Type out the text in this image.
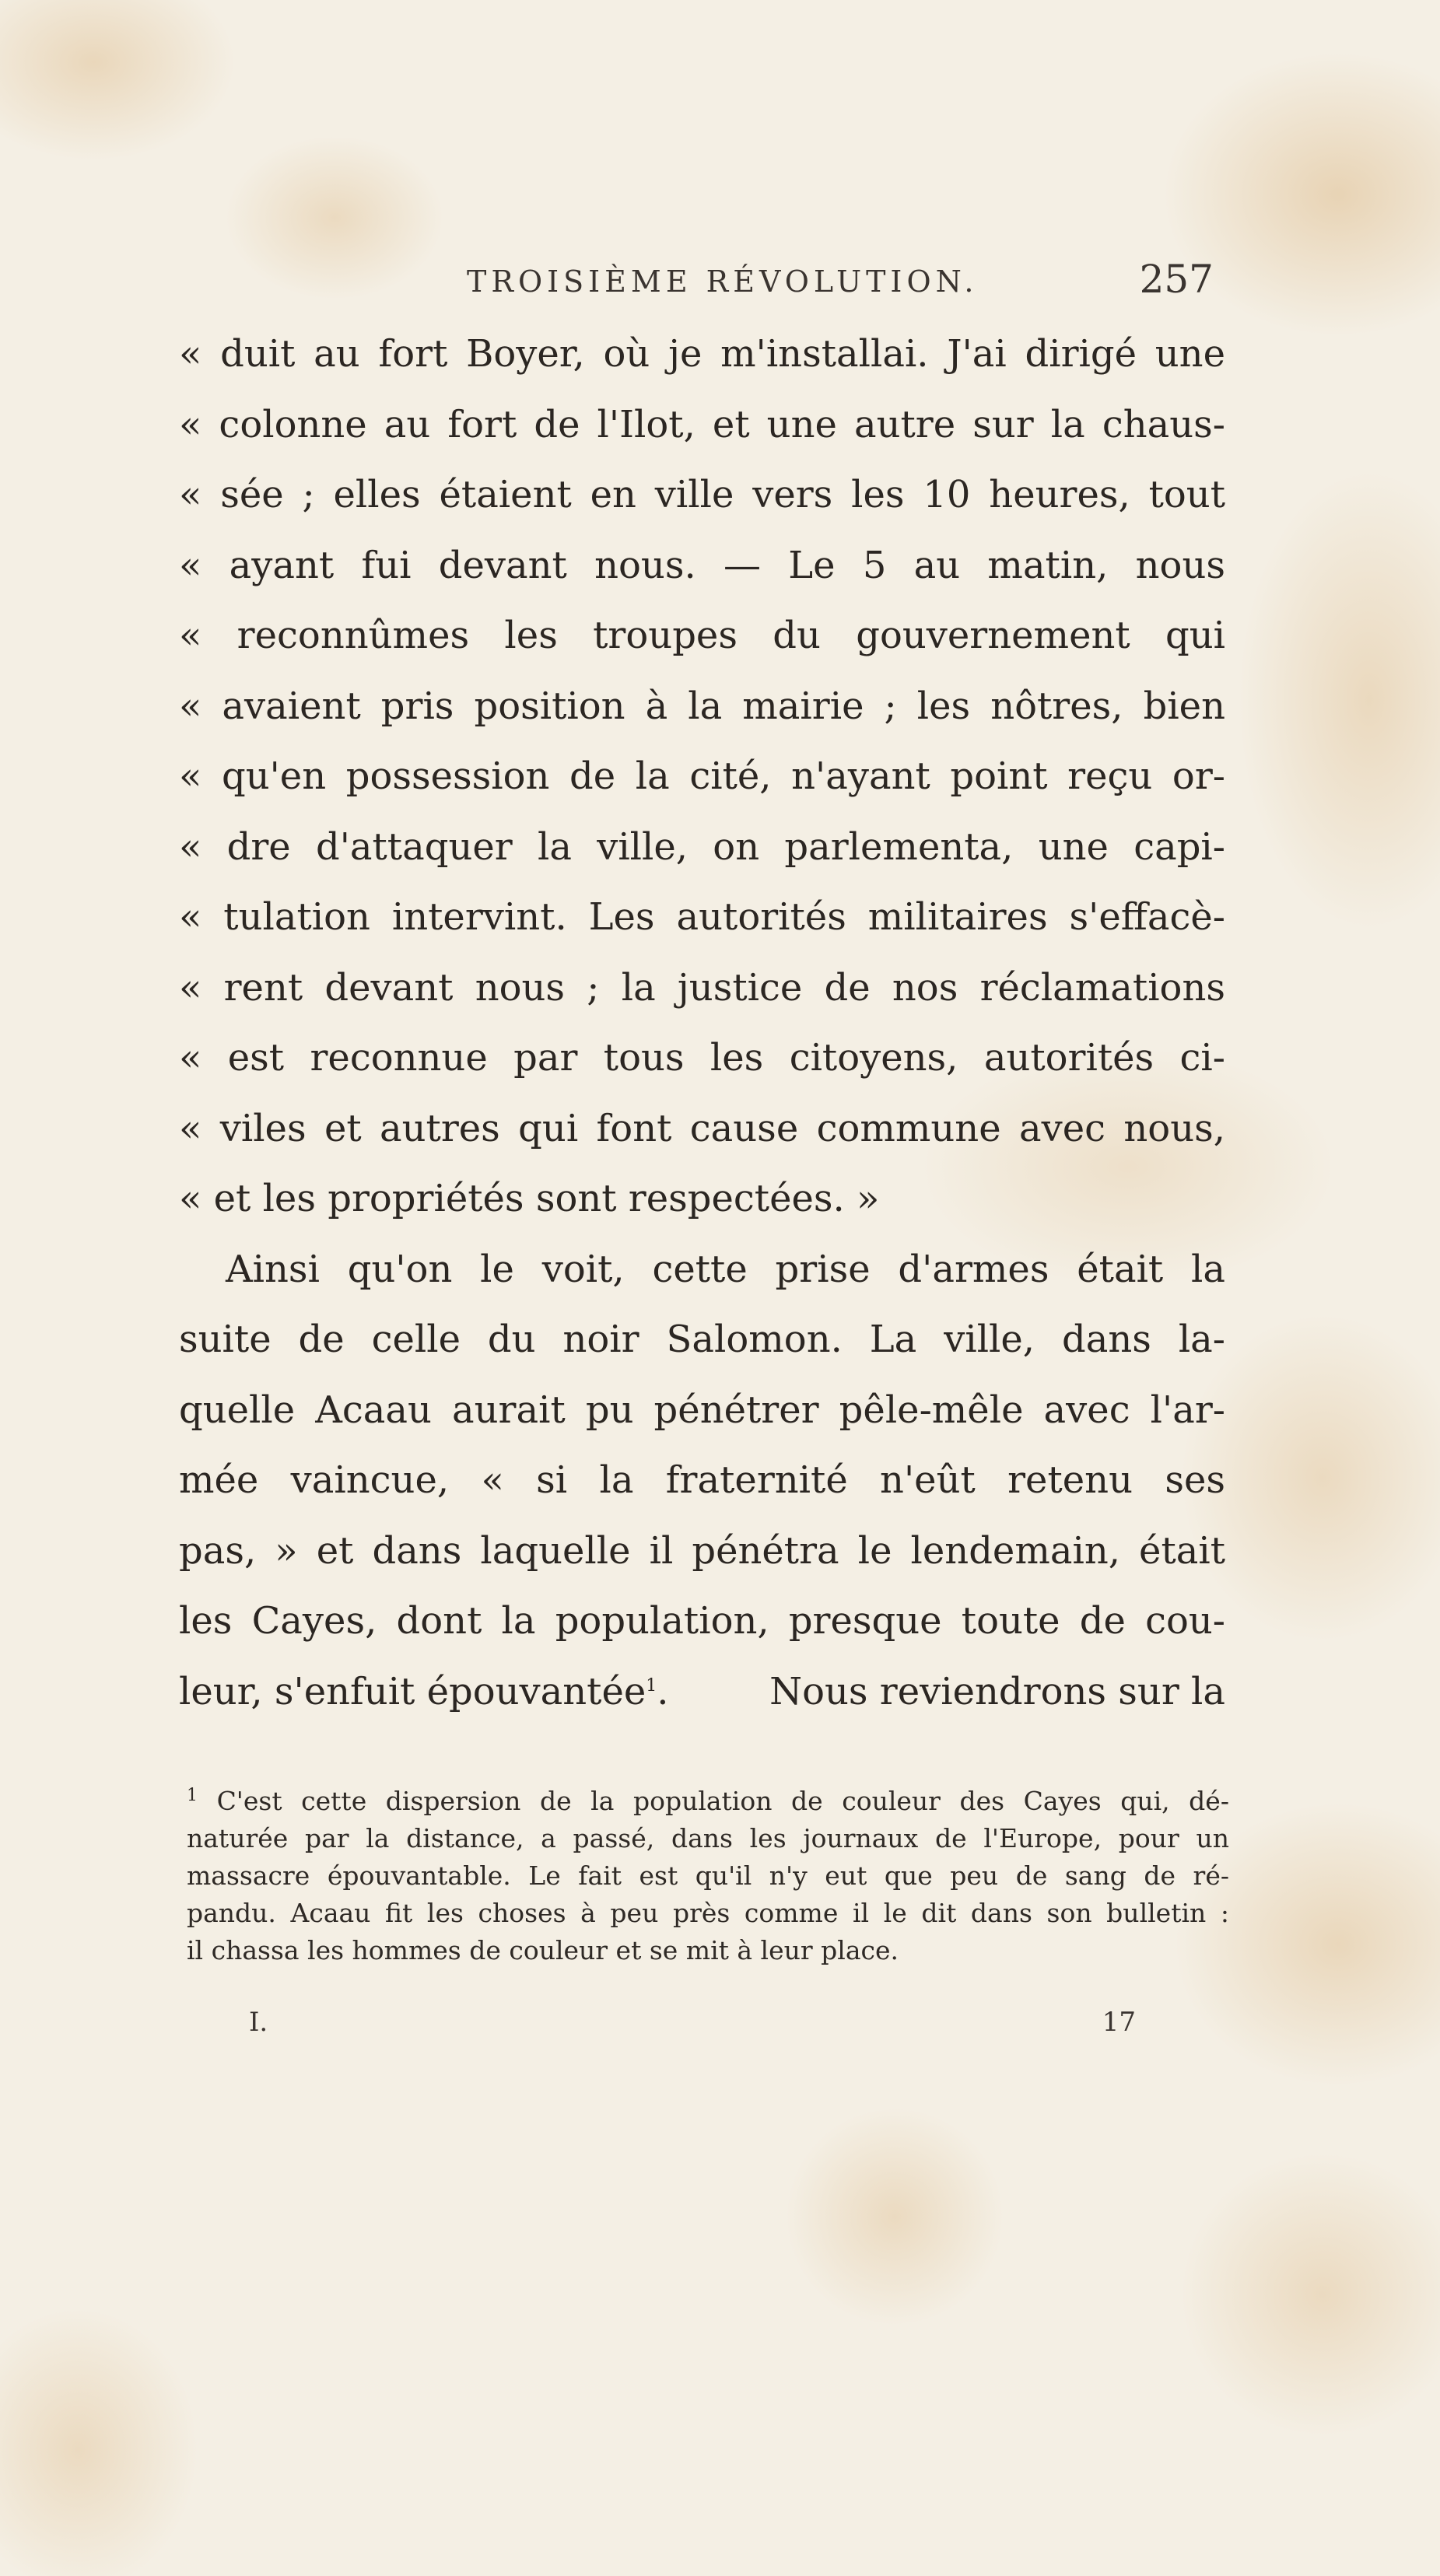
TROISIÈME RÉVOLUTION.	257
« duit au fort Boyer, où je m'installai. J'ai dirigé une
« colonne au fort de l'Ilot, et une autre sur la chaus-
« sée ; elles étaient en ville vers les 10 heures, tout
« ayant fui devant nous. — Le 5 au matin, nous
« reconnûmes les troupes du gouvernement qui
« avaient pris position à la mairie ; les nôtres, bien
« qu'en possession de la cité, n'ayant point reçu or-
« dre d'attaquer la ville, on parlementa, une capi-
« tulation intervint. Les autorités militaires s'effacè-
« rent devant nous ; la justice de nos réclamations
« est reconnue par tous les citoyens, autorités ci-
« viles et autres qui font cause commune avec nous,
« et les propriétés sont respectées. »
Ainsi qu'on le voit, cette prise d'armes était la
suite de celle du noir Salomon. La ville, dans la-
quelle Acaau aurait pu pénétrer pêle-mêle avec l'ar-
mée vaincue, « si la fraternité n'eût retenu ses
pas, » et dans laquelle il pénétra le lendemain, était
les Cayes, dont la population, presque toute de cou-
leur, s'enfuit épouvantée$^1$.	Nous reviendrons sur la
$^1$ C'est cette dispersion de la population de couleur des Cayes qui, dé-
naturée par la distance, a passé, dans les journaux de l'Europe, pour un
massacre épouvantable. Le fait est qu'il n'y eut que peu de sang de ré-
pandu. Acaau fit les choses à peu près comme il le dit dans son bulletin :
il chassa les hommes de couleur et se mit à leur place.
I.	17
